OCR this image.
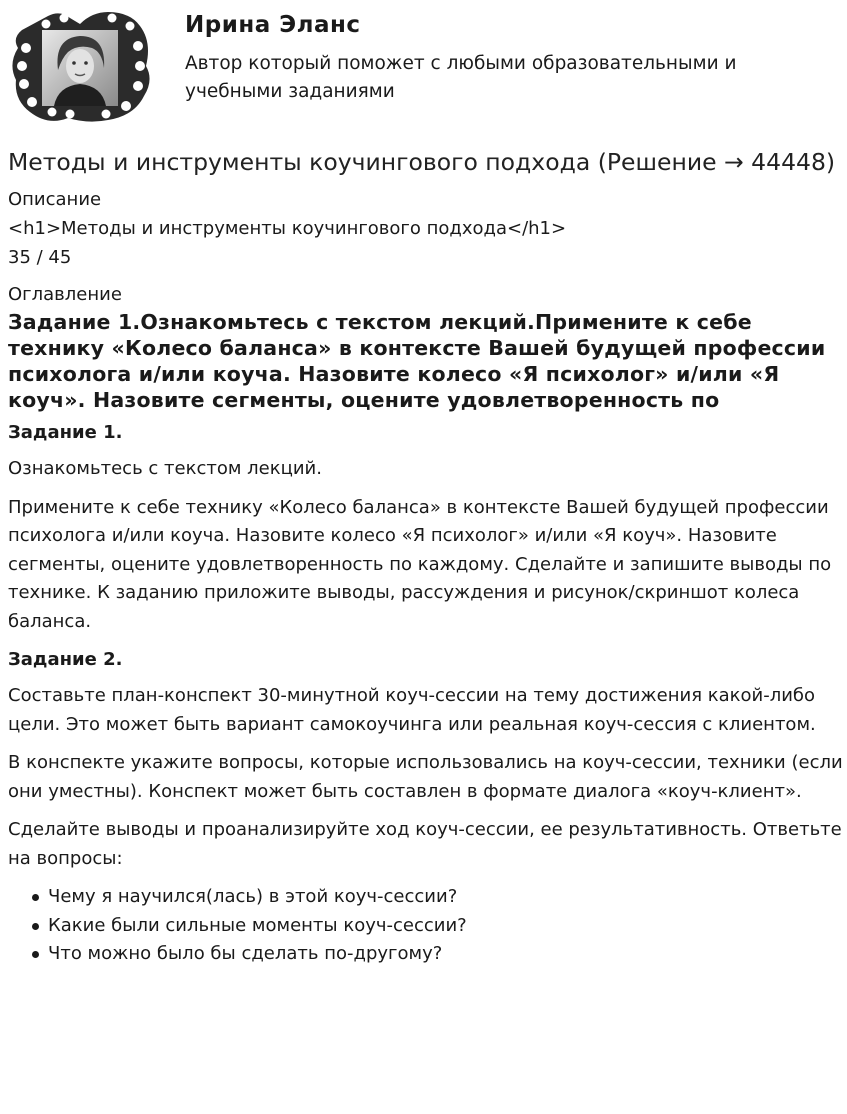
Ирина Эланс

Автор который поможет с любыми образовательными и учебными заданиями

Методы и инструменты коучингового подхода (Решение → 44448)

Описание

<h1>Методы и инструменты коучингового подхода</h1>

35 / 45

Оглавление

Задание 1.Ознакомьтесь с текстом лекций.Примените к себе технику «Колесо баланса» в контексте Вашей будущей профессии психолога и/или коуча. Назовите колесо «Я психолог» и/или «Я коуч». Назовите сегменты, оцените удовлетворенность по
Задание 1.

Ознакомьтесь с текстом лекций.

Примените к себе технику «Колесо баланса» в контексте Вашей будущей профессии психолога и/или коуча. Назовите колесо «Я психолог» и/или «Я коуч». Назовите сегменты, оцените удовлетворенность по каждому. Сделайте и запишите выводы по технике. К заданию приложите выводы, рассуждения и рисунок/скриншот колеса баланса.

Задание 2.

Составьте план-конспект 30-минутной коуч-сессии на тему достижения какой-либо цели. Это может быть вариант самокоучинга или реальная коуч-сессия с клиентом.

В конспекте укажите вопросы, которые использовались на коуч-сессии, техники (если они уместны). Конспект может быть составлен в формате диалога «коуч-клиент».

Сделайте выводы и проанализируйте ход коуч-сессии, ее результативность. Ответьте на вопросы:

Чему я научился(лась) в этой коуч-сессии?
Какие были сильные моменты коуч-сессии?
Что можно было бы сделать по-другому?
